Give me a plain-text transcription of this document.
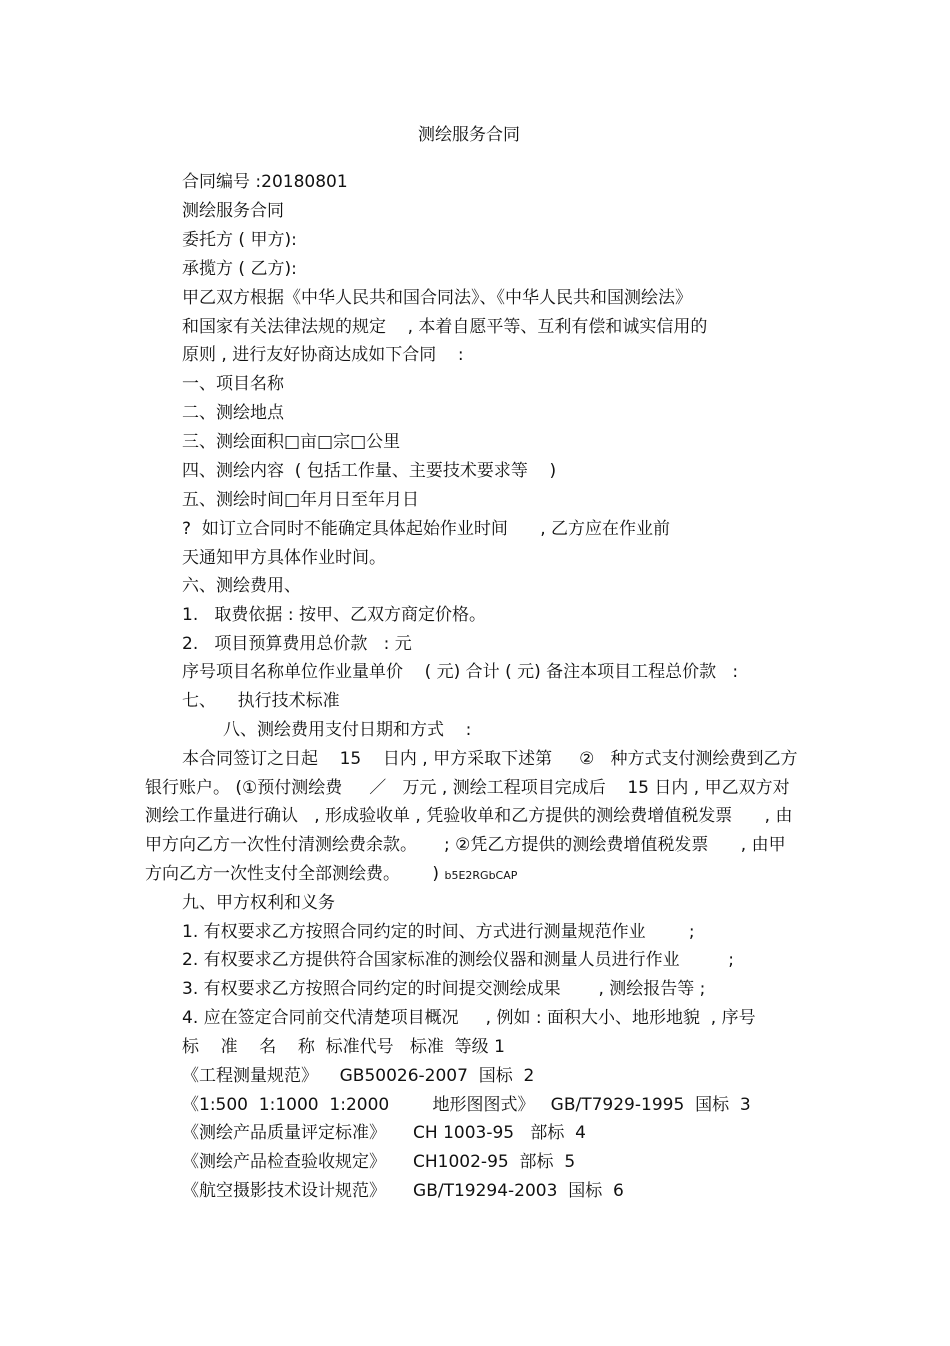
测绘服务合同
合同编号 :20180801
测绘服务合同
委托方 ( 甲方):
承揽方 ( 乙方):
甲乙双方根据《中华人民共和国合同法》、《中华人民共和国测绘法》
和国家有关法律法规的规定    , 本着自愿平等、互利有偿和诚实信用的
原则 , 进行友好协商达成如下合同    :
一、项目名称
二、测绘地点
三、测绘面积□亩□宗□公里
四、测绘内容  ( 包括工作量、主要技术要求等    )
五、测绘时间□年月日至年月日
?  如订立合同时不能确定具体起始作业时间      , 乙方应在作业前
天通知甲方具体作业时间。
六、测绘费用、
1.   取费依据 : 按甲、乙双方商定价格。
2.   项目预算费用总价款   : 元
序号项目名称单位作业量单价    ( 元) 合计 ( 元) 备注本项目工程总价款   :
七、    执行技术标准
八、测绘费用支付日期和方式    :
本合同签订之日起    15    日内 , 甲方采取下述第     ②   种方式支付测绘费到乙方
银行账户。 (①预付测绘费     ／   万元 , 测绘工程项目完成后    15 日内 , 甲乙双方对
测绘工作量进行确认   , 形成验收单 , 凭验收单和乙方提供的测绘费增值税发票      , 由
甲方向乙方一次性付清测绘费余款。     ; ②凭乙方提供的测绘费增值税发票      , 由甲
方向乙方一次性支付全部测绘费。      ) b5E2RGbCAP
九、甲方权利和义务
1. 有权要求乙方按照合同约定的时间、方式进行测量规范作业        ;
2. 有权要求乙方提供符合国家标准的测绘仪器和测量人员进行作业         ;
3. 有权要求乙方按照合同约定的时间提交测绘成果       , 测绘报告等 ;
4. 应在签定合同前交代清楚项目概况     , 例如 : 面积大小、地形地貌  , 序号
标    准    名    称  标准代号   标准  等级 1
《工程测量规范》    GB50026-2007  国标  2
《1:500  1:1000  1:2000        地形图图式》   GB/T7929-1995  国标  3
《测绘产品质量评定标准》     CH 1003-95   部标  4
《测绘产品检查验收规定》     CH1002-95  部标  5
《航空摄影技术设计规范》     GB/T19294-2003  国标  6
